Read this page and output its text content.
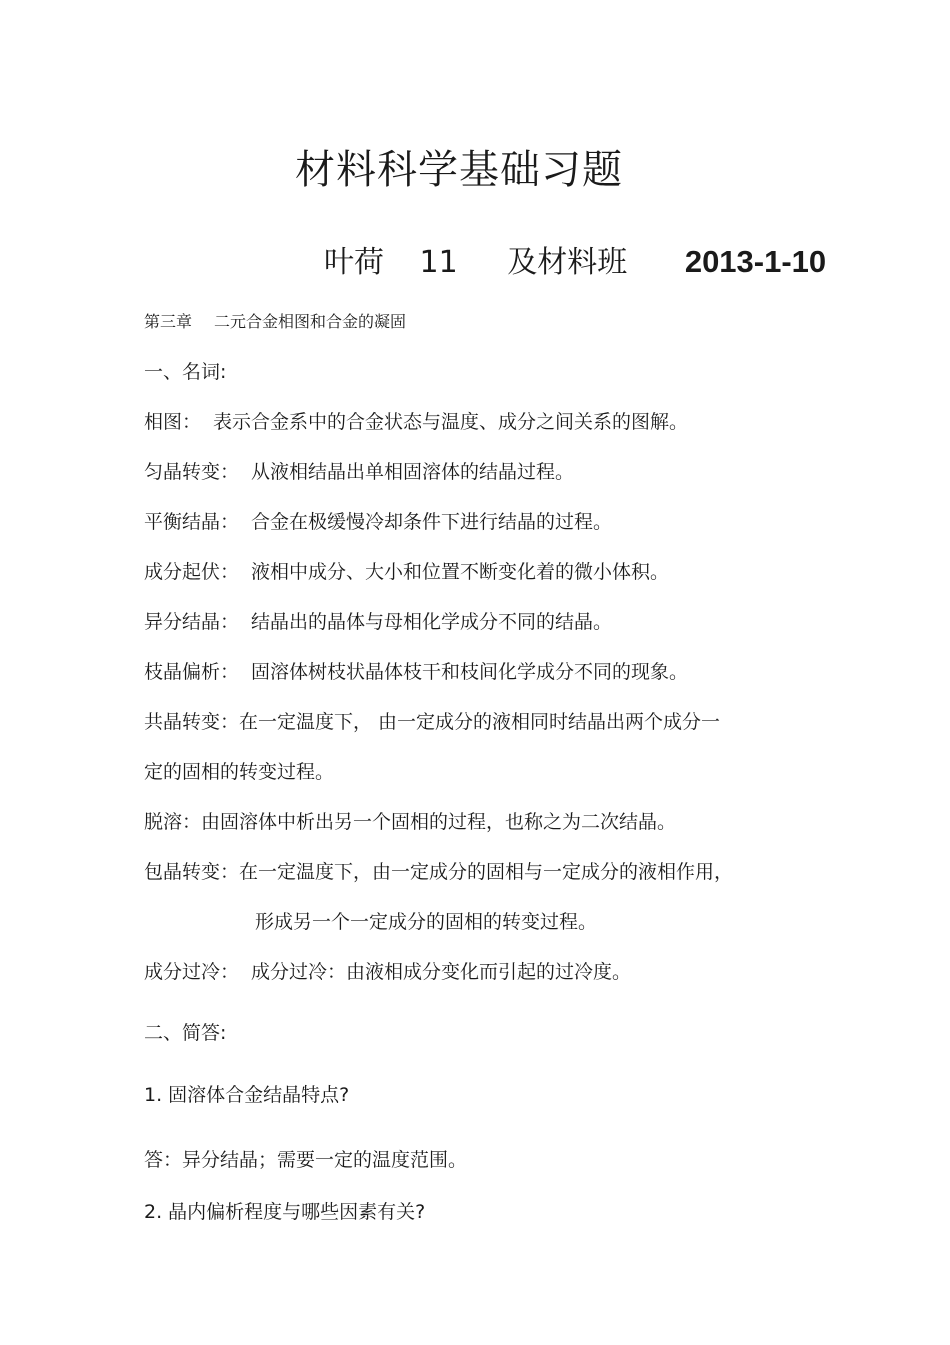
材料科学基础习题
叶荷 11 及材料班 2013-1-10
第三章 二元合金相图和合金的凝固
一、名词:
相图： 表示合金系中的合金状态与温度、成分之间关系的图解。
匀晶转变： 从液相结晶出单相固溶体的结晶过程。
平衡结晶： 合金在极缓慢冷却条件下进行结晶的过程。
成分起伏： 液相中成分、大小和位置不断变化着的微小体积。
异分结晶： 结晶出的晶体与母相化学成分不同的结晶。
枝晶偏析： 固溶体树枝状晶体枝干和枝间化学成分不同的现象。
共晶转变：在一定温度下， 由一定成分的液相同时结晶出两个成分一
定的固相的转变过程。
脱溶：由固溶体中析出另一个固相的过程，也称之为二次结晶。
包晶转变：在一定温度下，由一定成分的固相与一定成分的液相作用，
形成另一个一定成分的固相的转变过程。
成分过冷： 成分过冷：由液相成分变化而引起的过冷度。
二、简答:
1. 固溶体合金结晶特点?
答：异分结晶；需要一定的温度范围。
2. 晶内偏析程度与哪些因素有关?
